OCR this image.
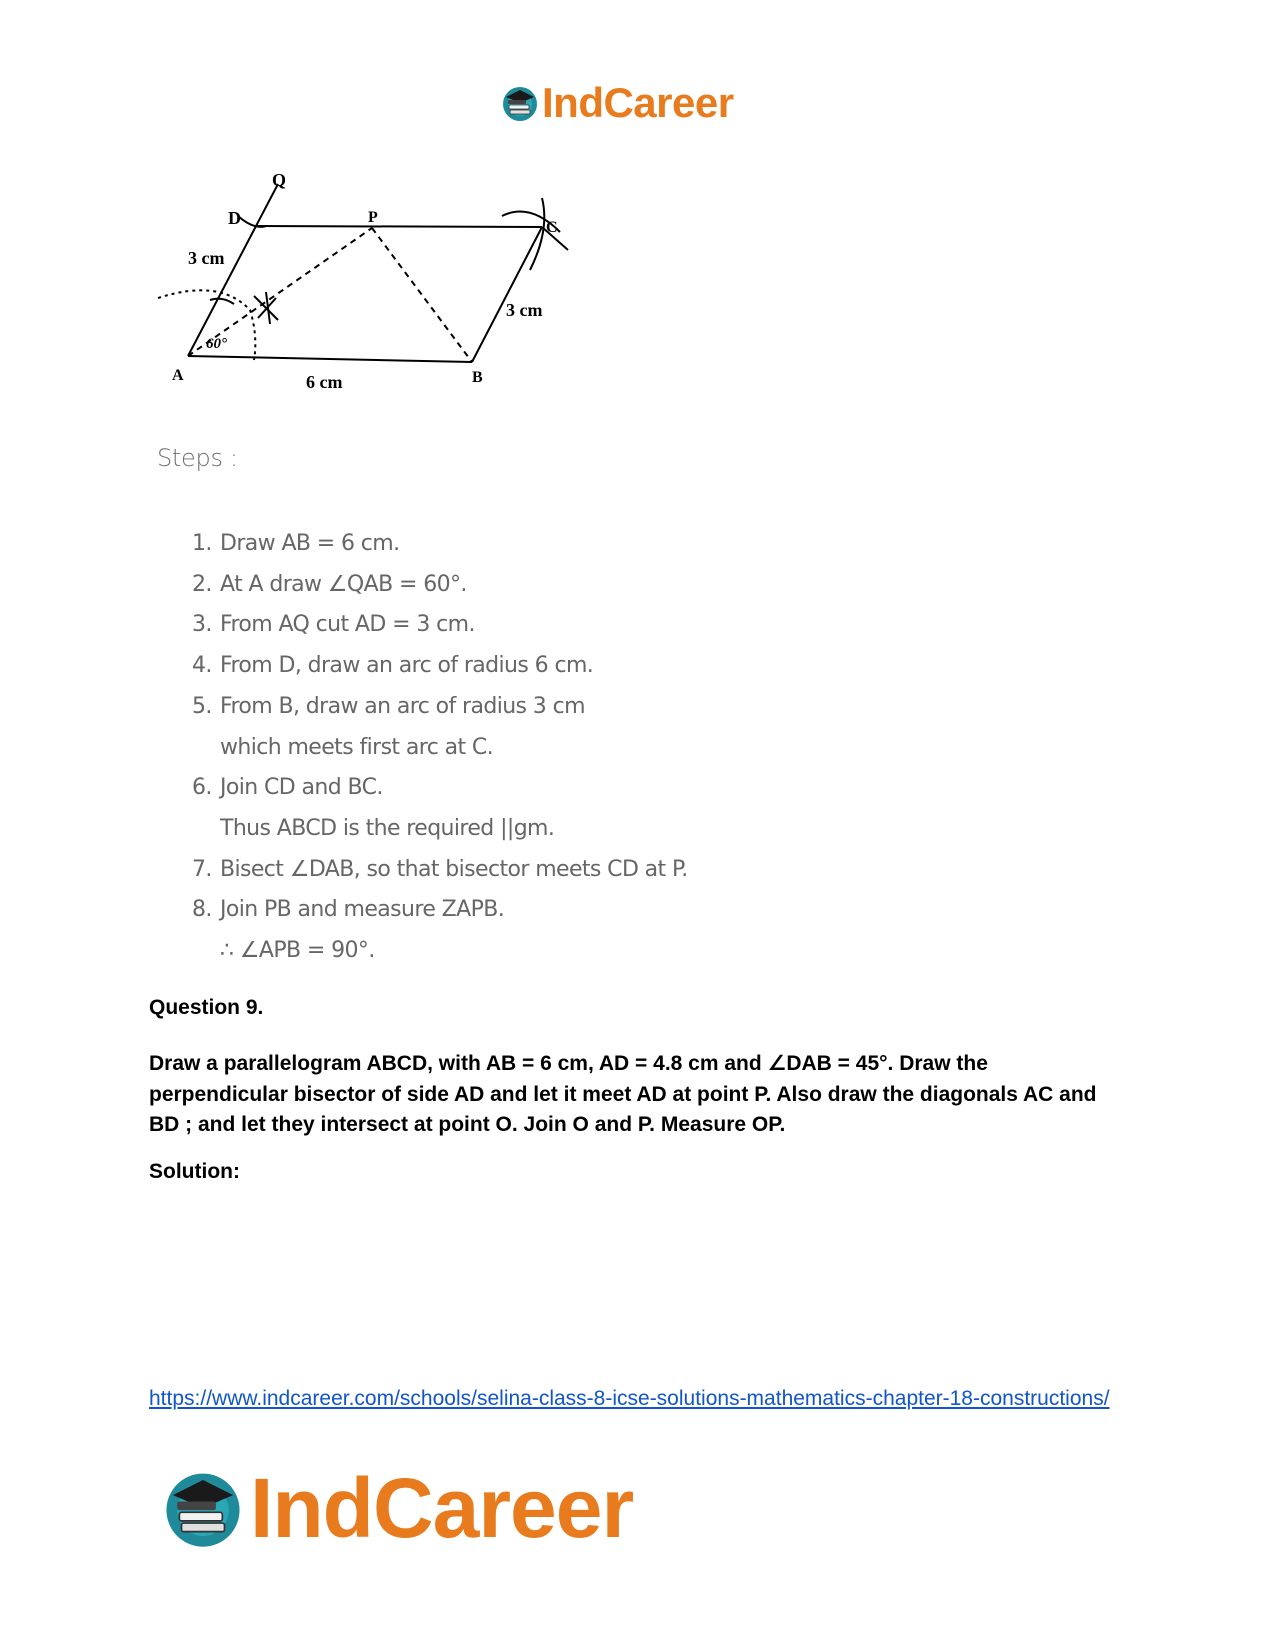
IndCareer
Q
D	P
C
A	B
3 cm
3 cm
6 cm
60°
Steps :
1. Draw AB = 6 cm.
2. At A draw ∠QAB = 60°.
3. From AQ cut AD = 3 cm.
4. From D, draw an arc of radius 6 cm.
5. From B, draw an arc of radius 3 cm
which meets first arc at C.
6. Join CD and BC.
Thus ABCD is the required ||gm.
7. Bisect ∠DAB, so that bisector meets CD at P.
8. Join PB and measure ZAPB.
∴ ∠APB = 90°.
Question 9.
Draw a parallelogram ABCD, with AB = 6 cm, AD = 4.8 cm and ∠DAB = 45°. Draw the perpendicular bisector of side AD and let it meet AD at point P. Also draw the diagonals AC and BD ; and let they intersect at point O. Join O and P. Measure OP.
Solution:
https://www.indcareer.com/schools/selina-class-8-icse-solutions-mathematics-chapter-18-constructions/
IndCareer
